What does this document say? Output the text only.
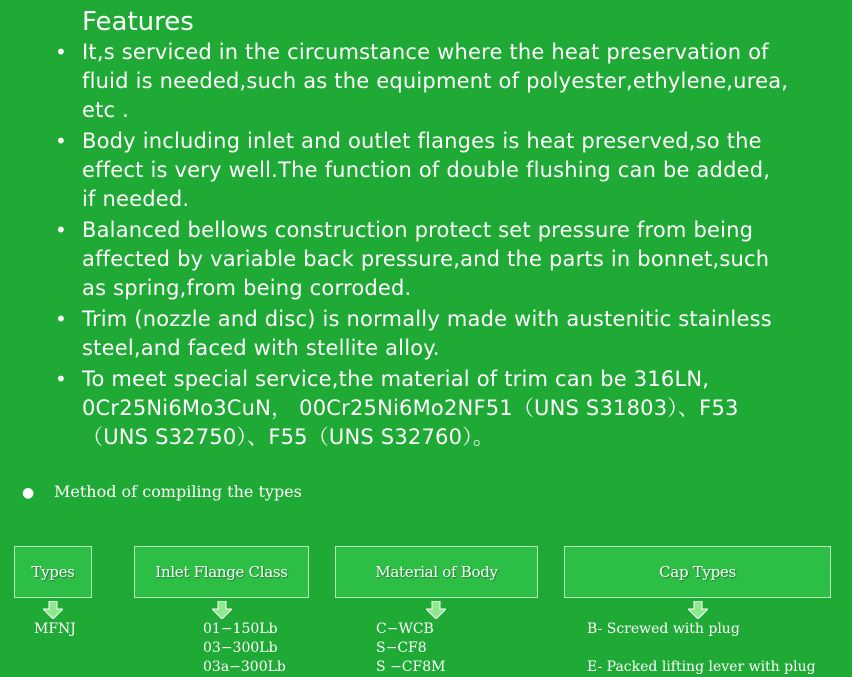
Features
• It,s serviced in the circumstance where the heat preservation of fluid is needed,such as the equipment of polyester,ethylene,urea, etc .
• Body including inlet and outlet flanges is heat preserved,so the effect is very well.The function of double flushing can be added, if needed.
• Balanced bellows construction protect set pressure from being affected by variable back pressure,and the parts in bonnet,such as spring,from being corroded.
• Trim (nozzle and disc) is normally made with austenitic stainless steel,and faced with stellite alloy.
• To meet special service,the material of trim can be 316LN, 0Cr25Ni6Mo3CuN， 00Cr25Ni6Mo2NF51（UNS S31803）、F53（UNS S32750）、F55（UNS S32760）。
● Method of compiling the types
Types
MFNJ
Inlet Flange Class
01−150Lb
03−300Lb
03a−300Lb
Material of Body
C−WCB
S−CF8
S −CF8M
Cap Types
B- Screwed with plug
E- Packed lifting lever with plug
